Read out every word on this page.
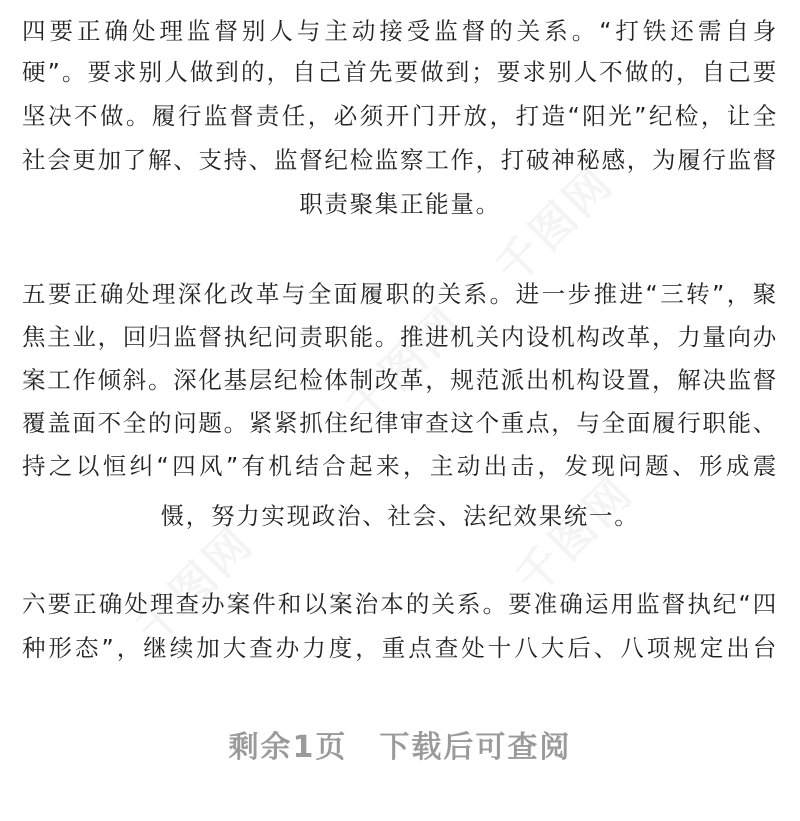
四要正确处理监督别人与主动接受监督的关系。“打铁还需自身
硬”。要求别人做到的，自己首先要做到；要求别人不做的，自己要
坚决不做。履行监督责任，必须开门开放，打造“阳光”纪检，让全
社会更加了解、支持、监督纪检监察工作，打破神秘感，为履行监督
职责聚集正能量。
五要正确处理深化改革与全面履职的关系。进一步推进“三转”，聚
焦主业，回归监督执纪问责职能。推进机关内设机构改革，力量向办
案工作倾斜。深化基层纪检体制改革，规范派出机构设置，解决监督
覆盖面不全的问题。紧紧抓住纪律审查这个重点，与全面履行职能、
持之以恒纠“四风”有机结合起来，主动出击，发现问题、形成震
慑，努力实现政治、社会、法纪效果统一。
六要正确处理查办案件和以案治本的关系。要准确运用监督执纪“四
种形态”，继续加大查办力度，重点查处十八大后、八项规定出台
剩余1页　下载后可查阅
